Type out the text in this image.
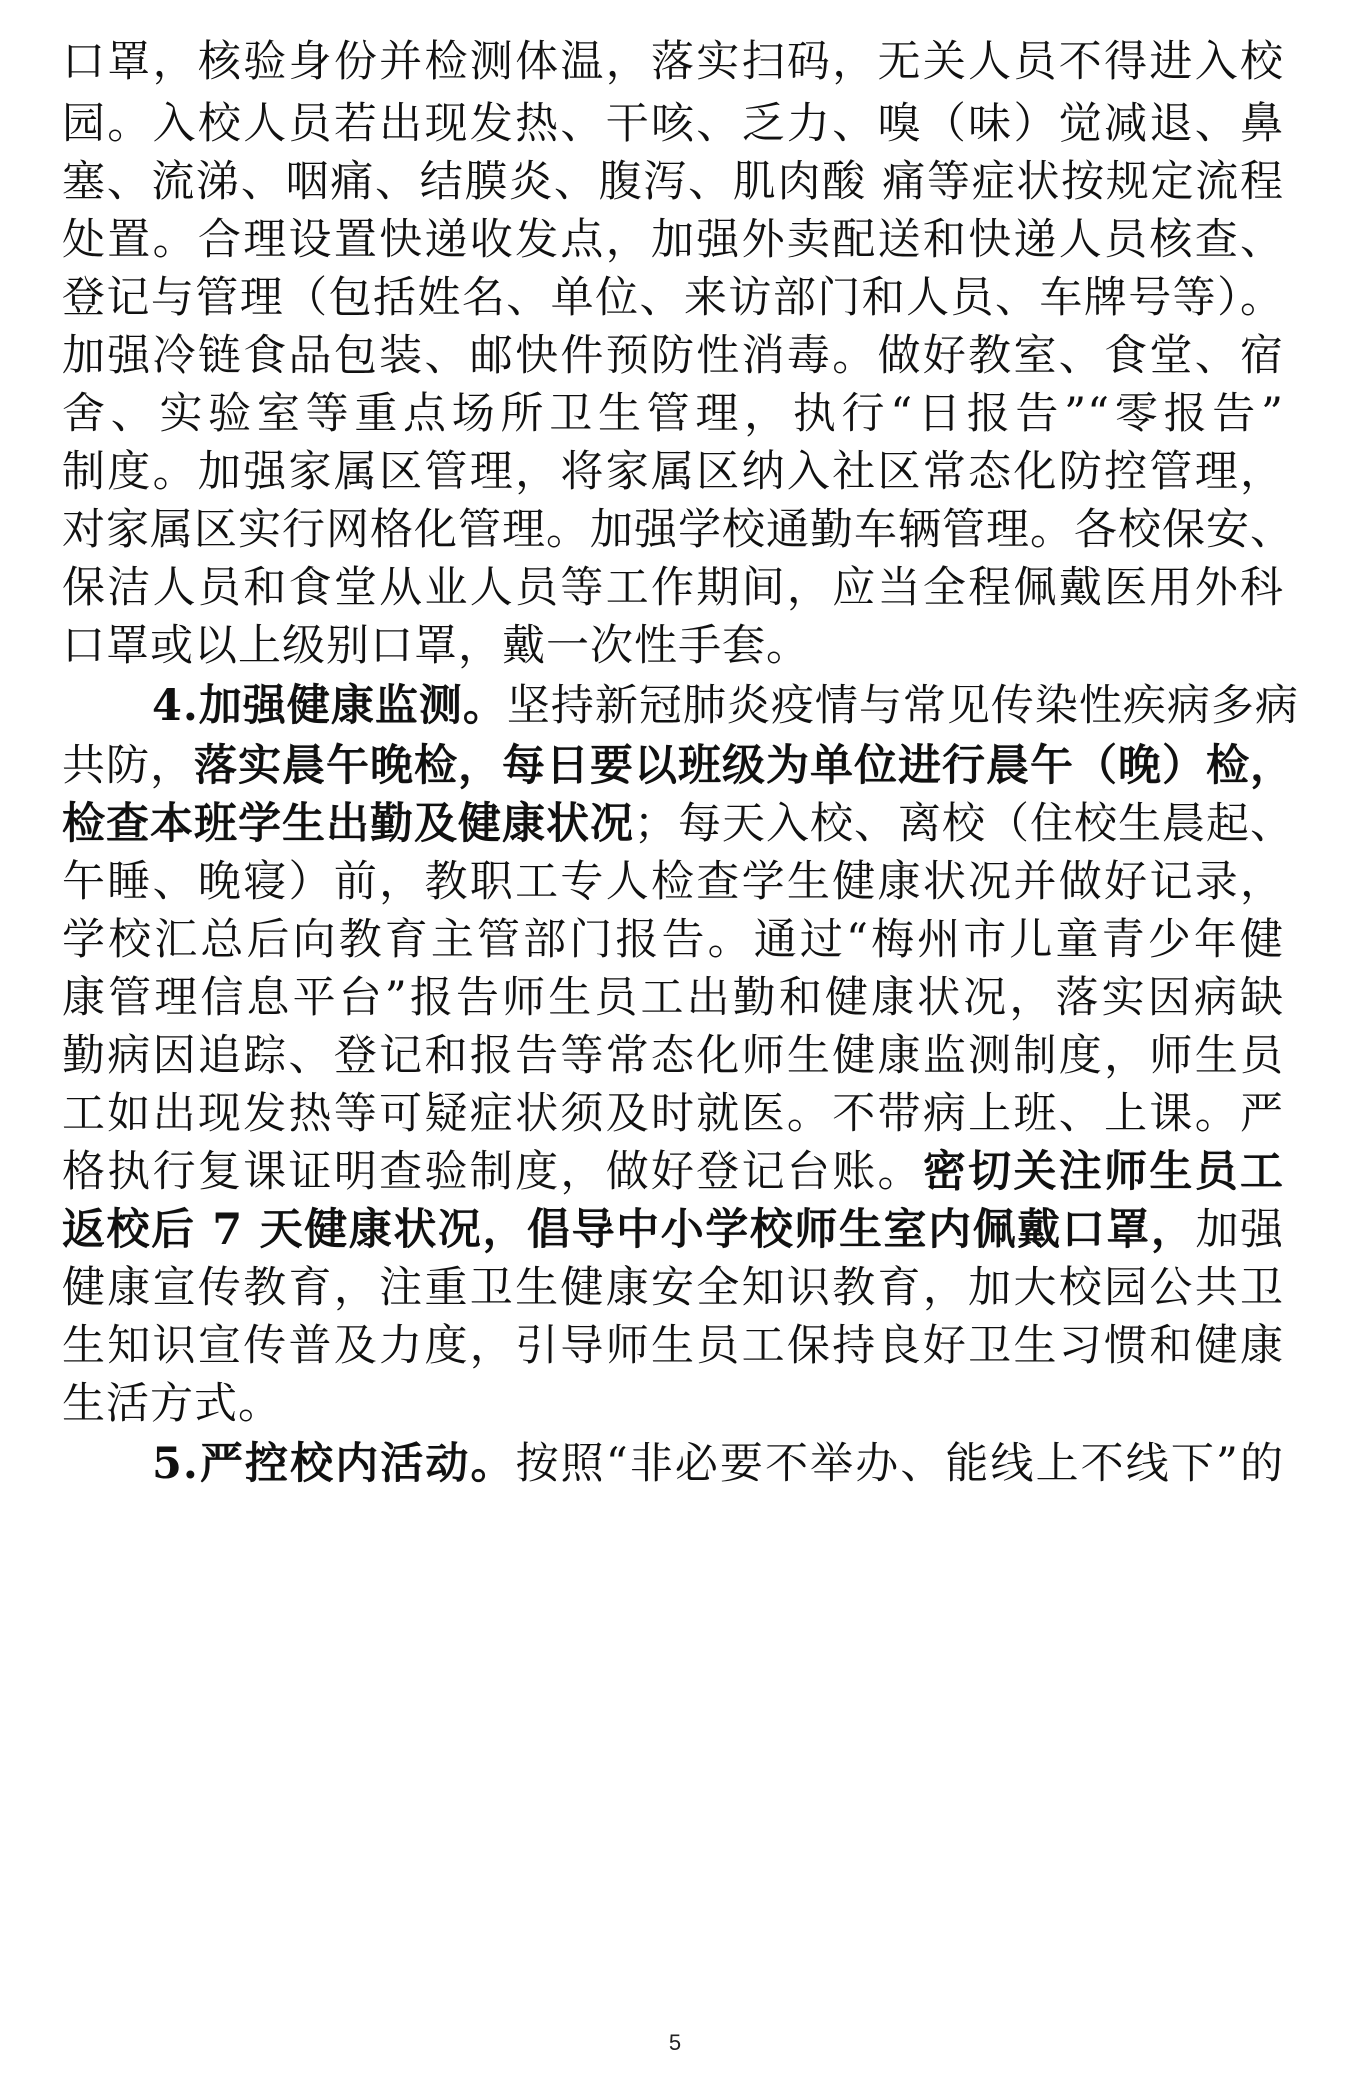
口罩，核验身份并检测体温，落实扫码，无关人员不得进入校
园。入校人员若出现发热、干咳、乏力、嗅（味）觉减退、鼻
塞、流涕、咽痛、结膜炎、腹泻、肌肉酸 痛等症状按规定流程
处置。合理设置快递收发点，加强外卖配送和快递人员核查、
登记与管理（包括姓名、单位、来访部门和人员、车牌号等）。
加强冷链食品包装、邮快件预防性消毒。做好教室、食堂、宿
舍、实验室等重点场所卫生管理，执行“日报告”“零报告”
制度。加强家属区管理，将家属区纳入社区常态化防控管理，
对家属区实行网格化管理。加强学校通勤车辆管理。各校保安、
保洁人员和食堂从业人员等工作期间，应当全程佩戴医用外科
口罩或以上级别口罩，戴一次性手套。
4.加强健康监测。坚持新冠肺炎疫情与常见传染性疾病多病
共防，落实晨午晚检，每日要以班级为单位进行晨午（晚）检，
检查本班学生出勤及健康状况；每天入校、离校（住校生晨起、
午睡、晚寝）前，教职工专人检查学生健康状况并做好记录，
学校汇总后向教育主管部门报告。通过“梅州市儿童青少年健
康管理信息平台”报告师生员工出勤和健康状况，落实因病缺
勤病因追踪、登记和报告等常态化师生健康监测制度，师生员
工如出现发热等可疑症状须及时就医。不带病上班、上课。严
格执行复课证明查验制度，做好登记台账。密切关注师生员工
返校后 7 天健康状况，倡导中小学校师生室内佩戴口罩，加强
健康宣传教育，注重卫生健康安全知识教育，加大校园公共卫
生知识宣传普及力度，引导师生员工保持良好卫生习惯和健康
生活方式。
5.严控校内活动。按照“非必要不举办、能线上不线下”的
5
